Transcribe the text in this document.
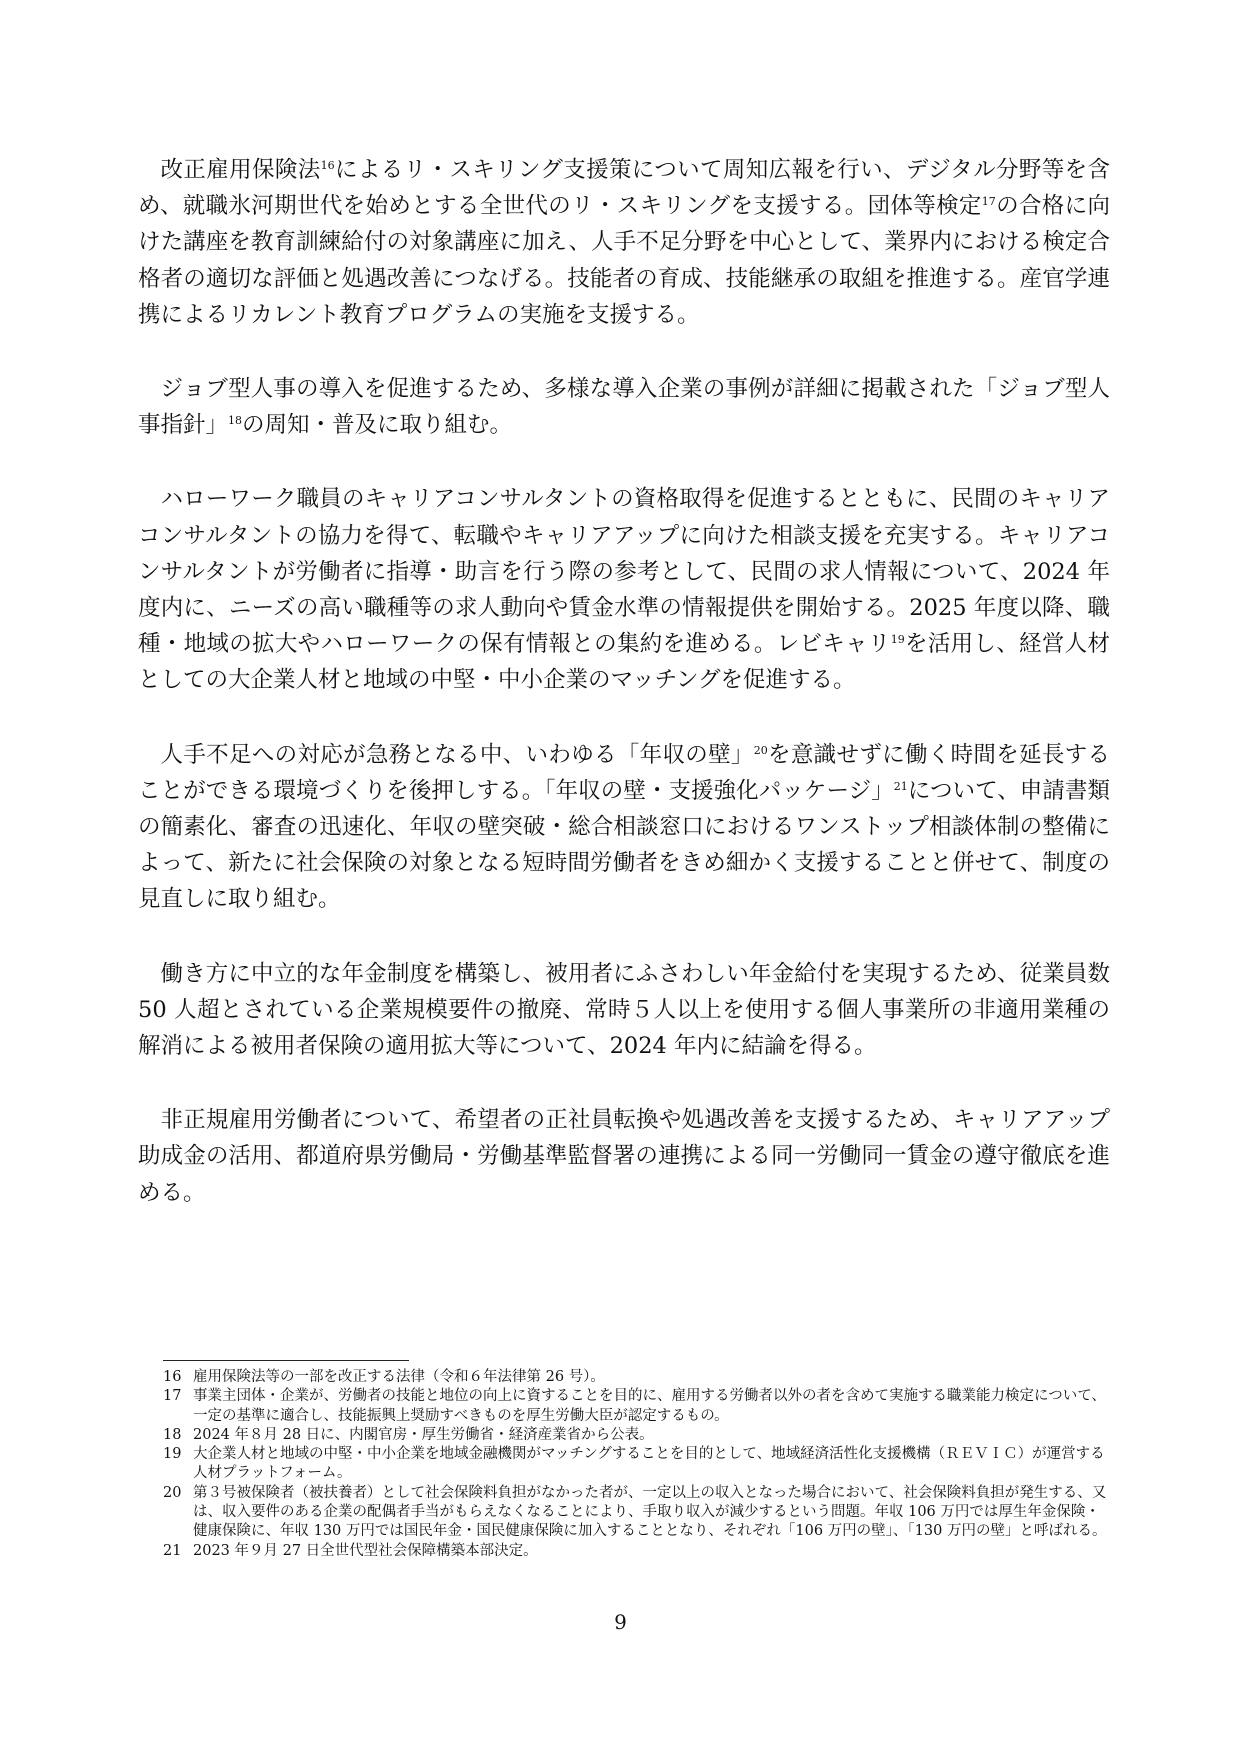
改正雇用保険法$^{16}$によるリ・スキリング支援策について周知広報を行い、デジタル分野等を含め、就職氷河期世代を始めとする全世代のリ・スキリングを支援する。団体等検定$^{17}$の合格に向けた講座を教育訓練給付の対象講座に加え、人手不足分野を中心として、業界内における検定合格者の適切な評価と処遇改善につなげる。技能者の育成、技能継承の取組を推進する。産官学連携によるリカレント教育プログラムの実施を支援する。

ジョブ型人事の導入を促進するため、多様な導入企業の事例が詳細に掲載された「ジョブ型人事指針」$^{18}$の周知・普及に取り組む。

ハローワーク職員のキャリアコンサルタントの資格取得を促進するとともに、民間のキャリアコンサルタントの協力を得て、転職やキャリアアップに向けた相談支援を充実する。キャリアコンサルタントが労働者に指導・助言を行う際の参考として、民間の求人情報について、2024 年度内に、ニーズの高い職種等の求人動向や賃金水準の情報提供を開始する。2025 年度以降、職種・地域の拡大やハローワークの保有情報との集約を進める。レビキャリ$^{19}$を活用し、経営人材としての大企業人材と地域の中堅・中小企業のマッチングを促進する。

人手不足への対応が急務となる中、いわゆる「年収の壁」$^{20}$を意識せずに働く時間を延長することができる環境づくりを後押しする。「年収の壁・支援強化パッケージ」$^{21}$について、申請書類の簡素化、審査の迅速化、年収の壁突破・総合相談窓口におけるワンストップ相談体制の整備によって、新たに社会保険の対象となる短時間労働者をきめ細かく支援することと併せて、制度の見直しに取り組む。

働き方に中立的な年金制度を構築し、被用者にふさわしい年金給付を実現するため、従業員数 50 人超とされている企業規模要件の撤廃、常時５人以上を使用する個人事業所の非適用業種の解消による被用者保険の適用拡大等について、2024 年内に結論を得る。

非正規雇用労働者について、希望者の正社員転換や処遇改善を支援するため、キャリアアップ助成金の活用、都道府県労働局・労働基準監督署の連携による同一労働同一賃金の遵守徹底を進める。

16 雇用保険法等の一部を改正する法律（令和６年法律第 26 号）。
17 事業主団体・企業が、労働者の技能と地位の向上に資することを目的に、雇用する労働者以外の者を含めて実施する職業能力検定について、一定の基準に適合し、技能振興上奨励すべきものを厚生労働大臣が認定するもの。
18 2024 年８月 28 日に、内閣官房・厚生労働省・経済産業省から公表。
19 大企業人材と地域の中堅・中小企業を地域金融機関がマッチングすることを目的として、地域経済活性化支援機構（ＲＥＶＩＣ）が運営する人材プラットフォーム。
20 第３号被保険者（被扶養者）として社会保険料負担がなかった者が、一定以上の収入となった場合において、社会保険料負担が発生する、又は、収入要件のある企業の配偶者手当がもらえなくなることにより、手取り収入が減少するという問題。年収 106 万円では厚生年金保険・健康保険に、年収 130 万円では国民年金・国民健康保険に加入することとなり、それぞれ「106 万円の壁」、「130 万円の壁」と呼ばれる。
21 2023 年９月 27 日全世代型社会保障構築本部決定。
9
